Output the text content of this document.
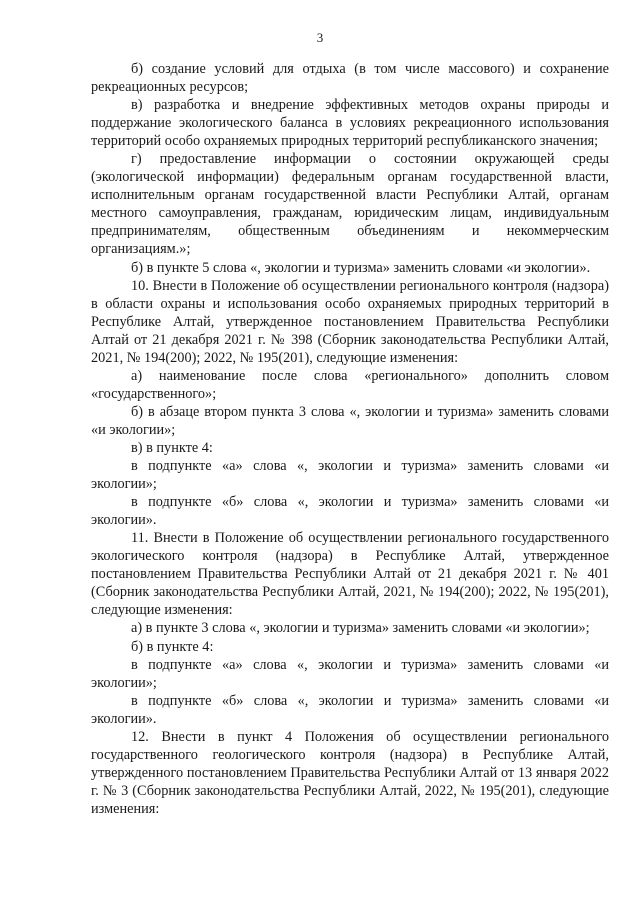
3

б) создание условий для отдыха (в том числе массового) и сохранение рекреационных ресурсов;

в) разработка и внедрение эффективных методов охраны природы и поддержание экологического баланса в условиях рекреационного использования территорий особо охраняемых природных территорий республиканского значения;

г) предоставление информации о состоянии окружающей среды (экологической информации) федеральным органам государственной власти, исполнительным органам государственной власти Республики Алтай, органам местного самоуправления, гражданам, юридическим лицам, индивидуальным предпринимателям, общественным объединениям и некоммерческим организациям.»;

б) в пункте 5 слова «, экологии и туризма» заменить словами «и экологии».

10. Внести в Положение об осуществлении регионального контроля (надзора) в области охраны и использования особо охраняемых природных территорий в Республике Алтай, утвержденное постановлением Правительства Республики Алтай от 21 декабря 2021 г. № 398 (Сборник законодательства Республики Алтай, 2021, № 194(200); 2022, № 195(201), следующие изменения:

а) наименование после слова «регионального» дополнить словом «государственного»;

б) в абзаце втором пункта 3 слова «, экологии и туризма» заменить словами «и экологии»;

в) в пункте 4:

в подпункте «а» слова «, экологии и туризма» заменить словами «и экологии»;

в подпункте «б» слова «, экологии и туризма» заменить словами «и экологии».

11. Внести в Положение об осуществлении регионального государственного экологического контроля (надзора) в Республике Алтай, утвержденное постановлением Правительства Республики Алтай от 21 декабря 2021 г. № 401 (Сборник законодательства Республики Алтай, 2021, № 194(200); 2022, № 195(201), следующие изменения:

а) в пункте 3 слова «, экологии и туризма» заменить словами «и экологии»;

б) в пункте 4:

в подпункте «а» слова «, экологии и туризма» заменить словами «и экологии»;

в подпункте «б» слова «, экологии и туризма» заменить словами «и экологии».

12. Внести в пункт 4 Положения об осуществлении регионального государственного геологического контроля (надзора) в Республике Алтай, утвержденного постановлением Правительства Республики Алтай от 13 января 2022 г. № 3 (Сборник законодательства Республики Алтай, 2022, № 195(201), следующие изменения:
